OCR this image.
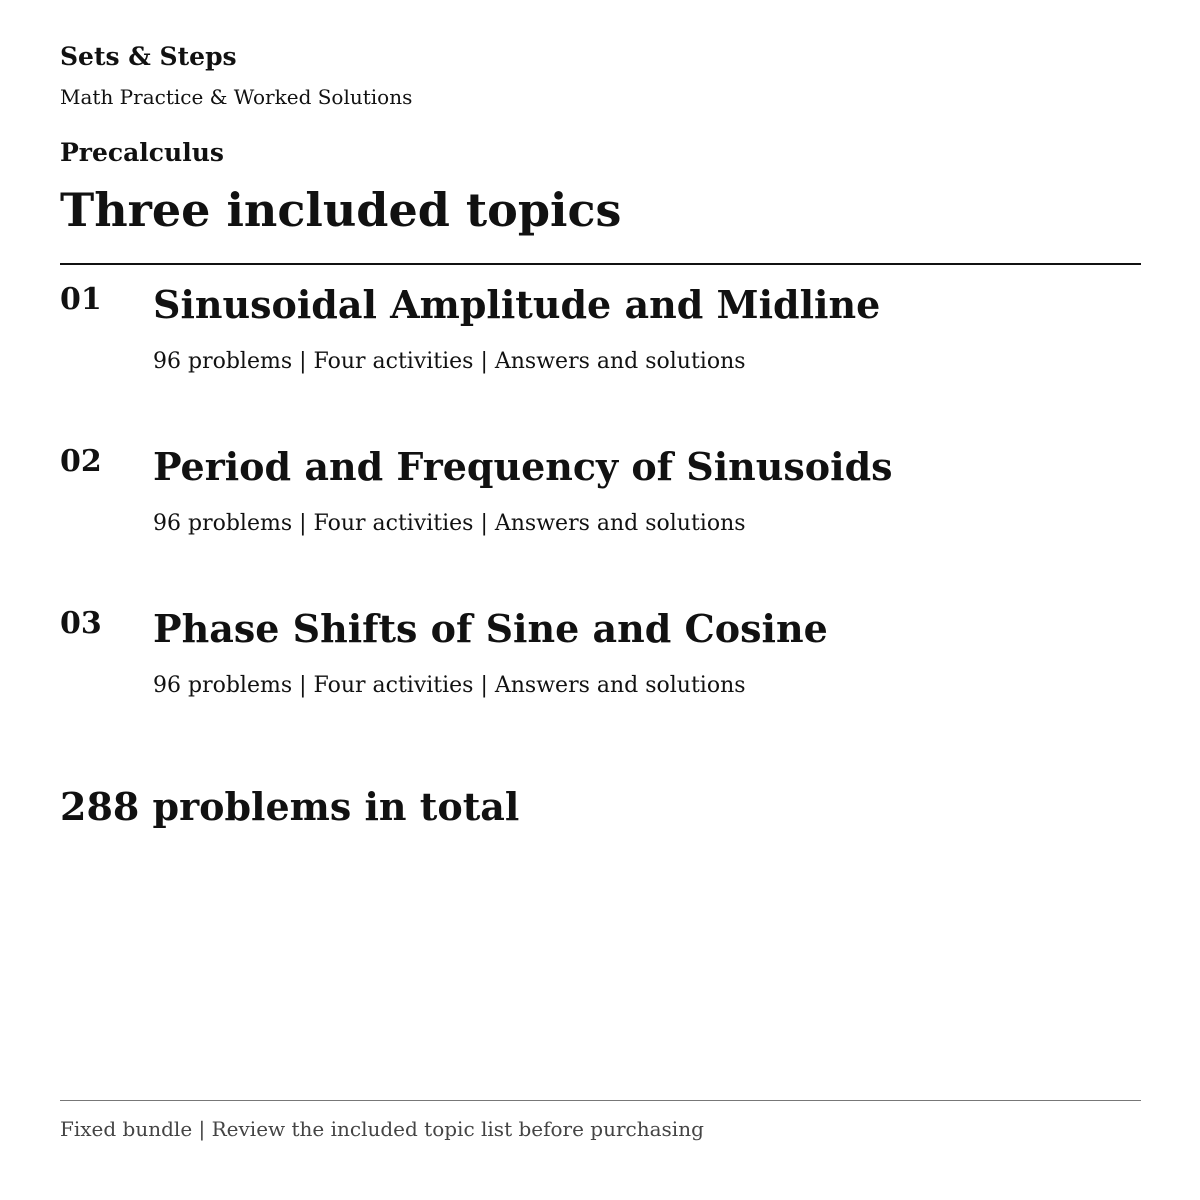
Sets & Steps
Math Practice & Worked Solutions
Precalculus
Three included topics
01 Sinusoidal Amplitude and Midline
96 problems | Four activities | Answers and solutions
02 Period and Frequency of Sinusoids
96 problems | Four activities | Answers and solutions
03 Phase Shifts of Sine and Cosine
96 problems | Four activities | Answers and solutions
288 problems in total
Fixed bundle | Review the included topic list before purchasing
